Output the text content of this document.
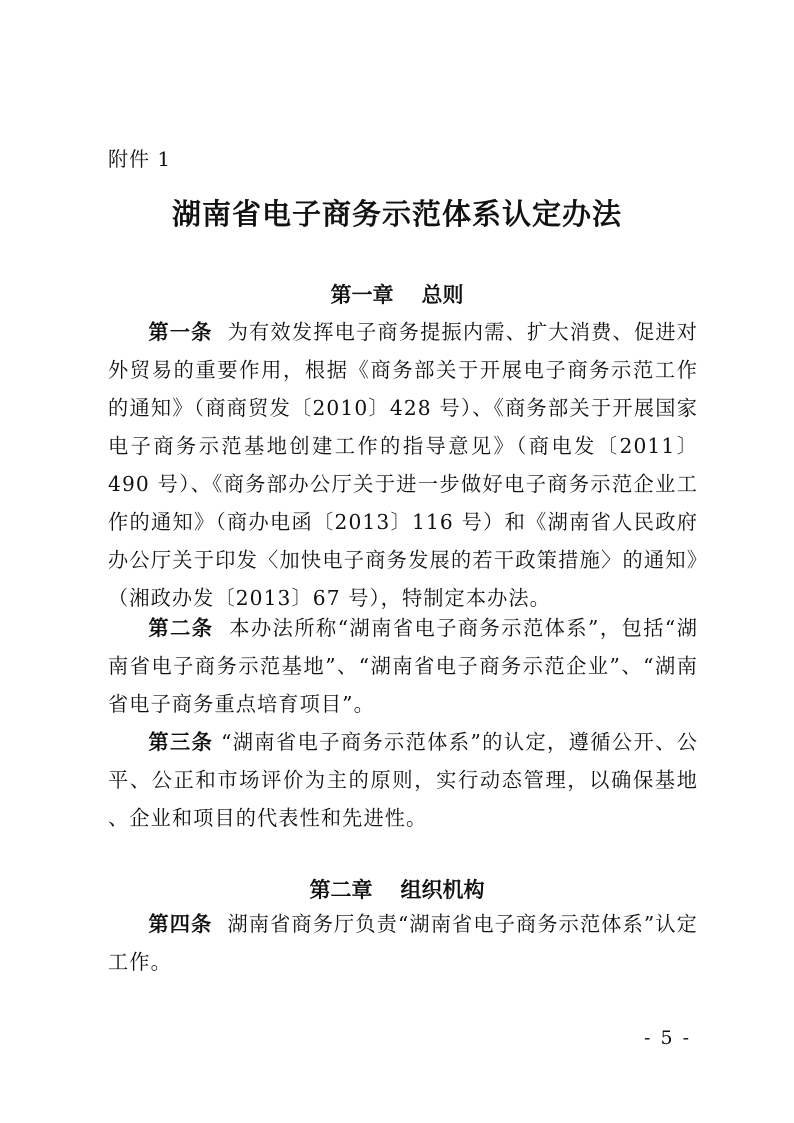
附件 1
湖南省电子商务示范体系认定办法
第一章 总则

第一条 为有效发挥电子商务提振内需、扩大消费、促进对外贸易的重要作用，根据《商务部关于开展电子商务示范工作的通知》（商商贸发〔2010〕428 号）、《商务部关于开展国家电子商务示范基地创建工作的指导意见》（商电发〔2011〕490 号）、《商务部办公厅关于进一步做好电子商务示范企业工作的通知》（商办电函〔2013〕116 号）和《湖南省人民政府办公厅关于印发〈加快电子商务发展的若干政策措施〉的通知》（湘政办发〔2013〕67 号），特制定本办法。

第二条 本办法所称“湖南省电子商务示范体系”，包括“湖南省电子商务示范基地”、“湖南省电子商务示范企业”、“湖南省电子商务重点培育项目”。

第三条 “湖南省电子商务示范体系”的认定，遵循公开、公平、公正和市场评价为主的原则，实行动态管理，以确保基地 、企业和项目的代表性和先进性。

第二章 组织机构

第四条 湖南省商务厅负责“湖南省电子商务示范体系”认定工作。

- 5 -
